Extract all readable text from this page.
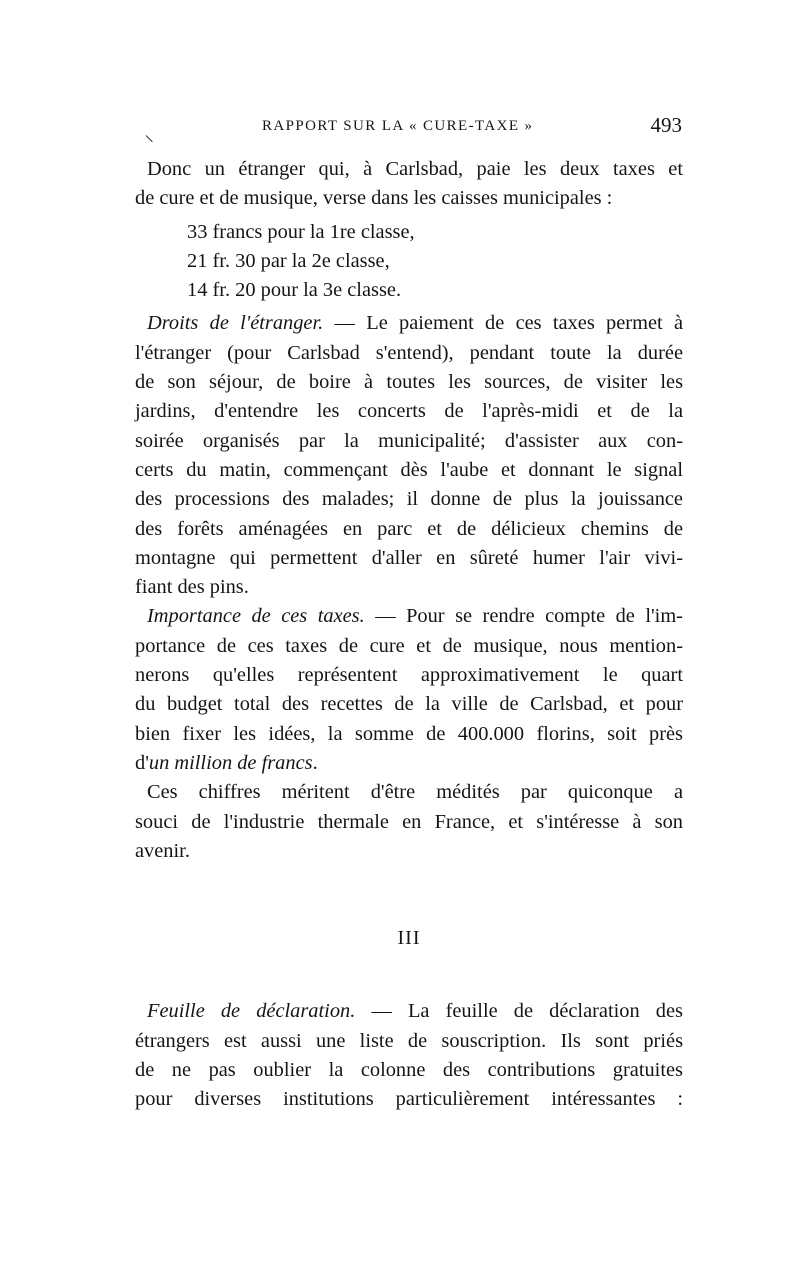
RAPPORT SUR LA « CURE-TAXE »	493

Donc un étranger qui, à Carlsbad, paie les deux taxes et

de cure et de musique, verse dans les caisses municipales :

33 francs pour la 1re classe,
21 fr. 30 par la 2e classe,
14 fr. 20 pour la 3e classe.

Droits de l'étranger. — Le paiement de ces taxes permet à

l'étranger (pour Carlsbad s'entend), pendant toute la durée

de son séjour, de boire à toutes les sources, de visiter les

jardins, d'entendre les concerts de l'après-midi et de la

soirée organisés par la municipalité; d'assister aux con-

certs du matin, commençant dès l'aube et donnant le signal

des processions des malades; il donne de plus la jouissance

des forêts aménagées en parc et de délicieux chemins de

montagne qui permettent d'aller en sûreté humer l'air vivi-

fiant des pins.

Importance de ces taxes. — Pour se rendre compte de l'im-

portance de ces taxes de cure et de musique, nous mention-

nerons qu'elles représentent approximativement le quart

du budget total des recettes de la ville de Carlsbad, et pour

bien fixer les idées, la somme de 400.000 florins, soit près

d'un million de francs.

Ces chiffres méritent d'être médités par quiconque a

souci de l'industrie thermale en France, et s'intéresse à son

avenir.

III

Feuille de déclaration. — La feuille de déclaration des

étrangers est aussi une liste de souscription. Ils sont priés

de ne pas oublier la colonne des contributions gratuites

pour diverses institutions particulièrement intéressantes :
